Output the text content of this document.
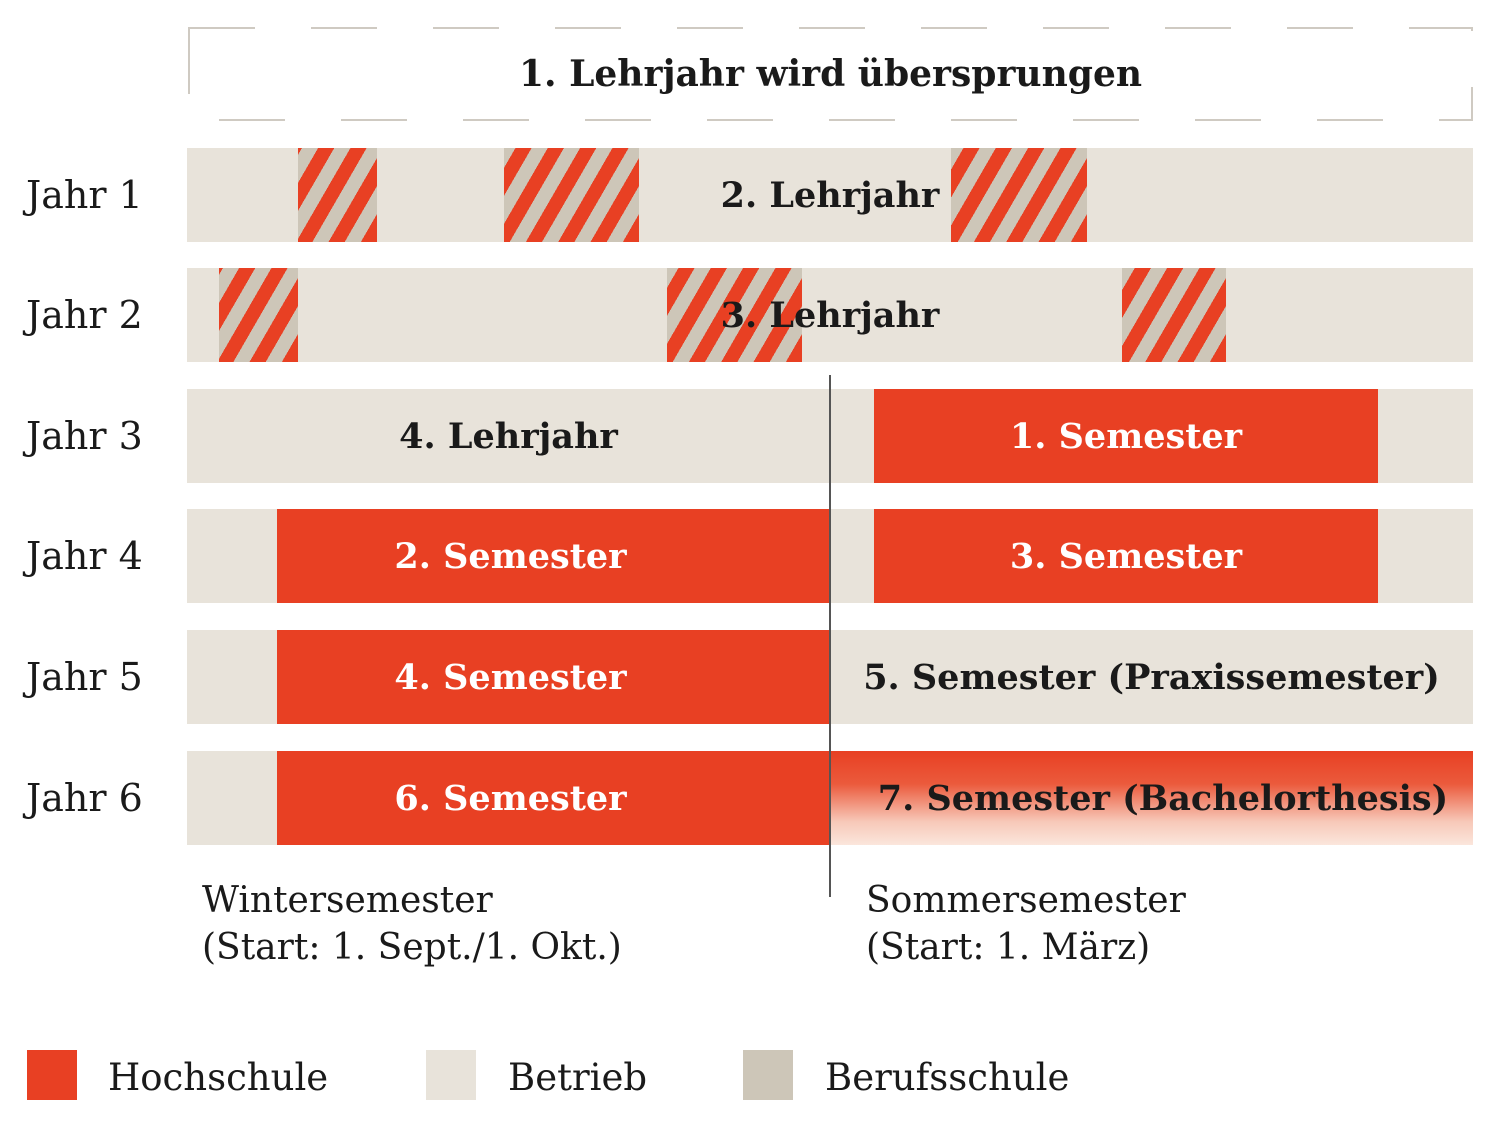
1. Lehrjahr wird übersprungen
Jahr 1	2. Lehrjahr
Jahr 2	3. Lehrjahr
Jahr 3	4. Lehrjahr	1. Semester
Jahr 4	2. Semester	3. Semester
Jahr 5	4. Semester	5. Semester (Praxissemester)
Jahr 6	6. Semester	7. Semester (Bachelorthesis)
Wintersemester
(Start: 1. Sept./1. Okt.)
Sommersemester
(Start: 1. März)
Hochschule	Betrieb	Berufsschule
